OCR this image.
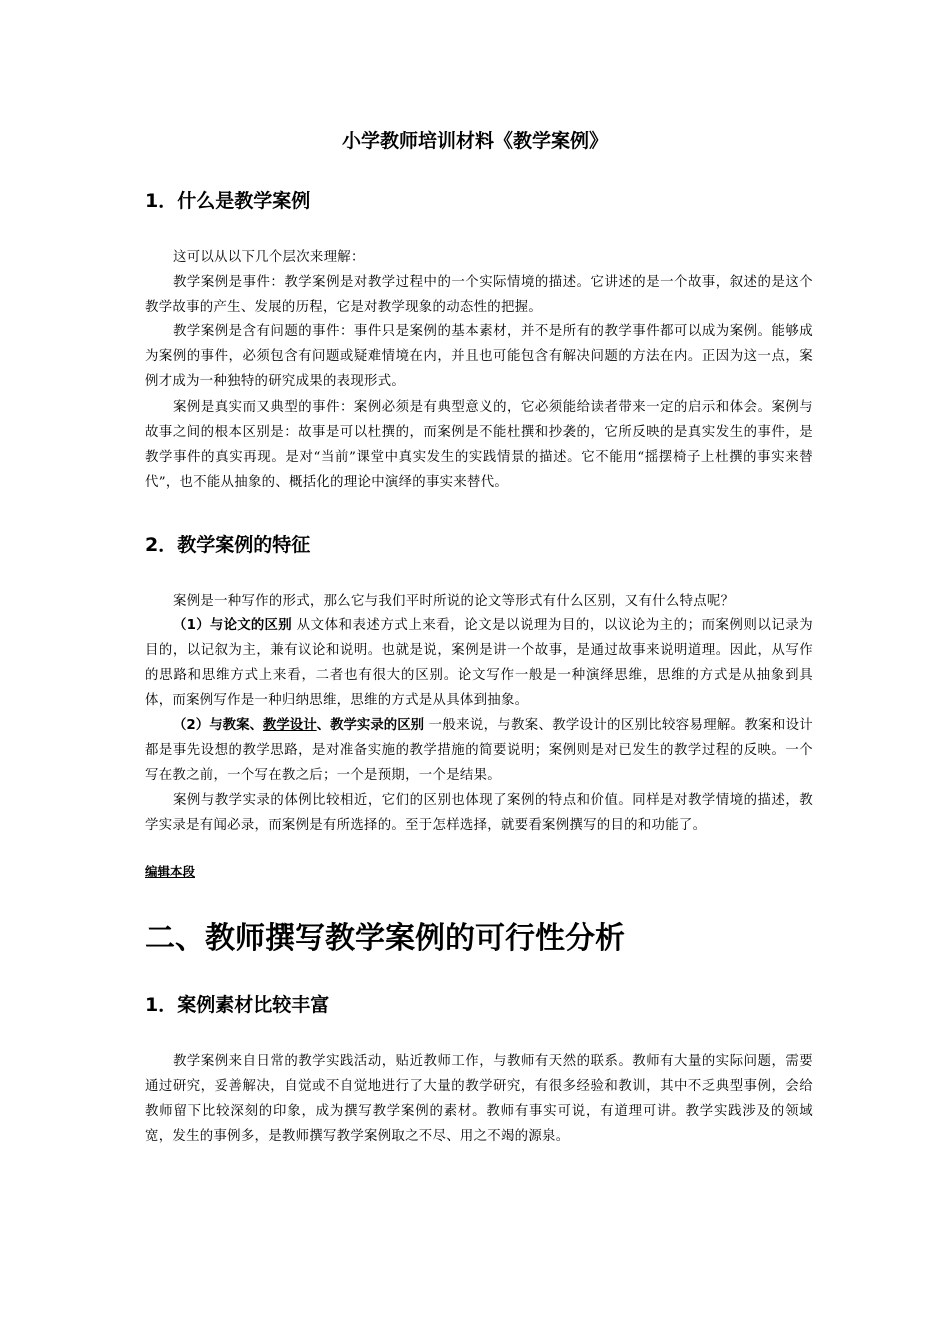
小学教师培训材料《教学案例》
1．什么是教学案例

这可以从以下几个层次来理解：

教学案例是事件：教学案例是对教学过程中的一个实际情境的描述。它讲述的是一个故事，叙述的是这个教学故事的产生、发展的历程，它是对教学现象的动态性的把握。

教学案例是含有问题的事件：事件只是案例的基本素材，并不是所有的教学事件都可以成为案例。能够成为案例的事件，必须包含有问题或疑难情境在内，并且也可能包含有解决问题的方法在内。正因为这一点，案例才成为一种独特的研究成果的表现形式。

案例是真实而又典型的事件：案例必须是有典型意义的，它必须能给读者带来一定的启示和体会。案例与故事之间的根本区别是：故事是可以杜撰的，而案例是不能杜撰和抄袭的，它所反映的是真实发生的事件，是教学事件的真实再现。是对“当前”课堂中真实发生的实践情景的描述。它不能用“摇摆椅子上杜撰的事实来替代”，也不能从抽象的、概括化的理论中演绎的事实来替代。

2．教学案例的特征

案例是一种写作的形式，那么它与我们平时所说的论文等形式有什么区别，又有什么特点呢？

（1）与论文的区别 从文体和表述方式上来看，论文是以说理为目的，以议论为主的；而案例则以记录为目的，以记叙为主，兼有议论和说明。也就是说，案例是讲一个故事，是通过故事来说明道理。因此，从写作的思路和思维方式上来看，二者也有很大的区别。论文写作一般是一种演绎思维，思维的方式是从抽象到具体，而案例写作是一种归纳思维，思维的方式是从具体到抽象。

（2）与教案、教学设计、教学实录的区别 一般来说，与教案、教学设计的区别比较容易理解。教案和设计都是事先设想的教学思路，是对准备实施的教学措施的简要说明；案例则是对已发生的教学过程的反映。一个写在教之前，一个写在教之后；一个是预期，一个是结果。

案例与教学实录的体例比较相近，它们的区别也体现了案例的特点和价值。同样是对教学情境的描述，教学实录是有闻必录，而案例是有所选择的。至于怎样选择，就要看案例撰写的目的和功能了。

编辑本段
二、教师撰写教学案例的可行性分析
1．案例素材比较丰富

教学案例来自日常的教学实践活动，贴近教师工作，与教师有天然的联系。教师有大量的实际问题，需要通过研究，妥善解决，自觉或不自觉地进行了大量的教学研究，有很多经验和教训，其中不乏典型事例，会给教师留下比较深刻的印象，成为撰写教学案例的素材。教师有事实可说，有道理可讲。教学实践涉及的领域宽，发生的事例多，是教师撰写教学案例取之不尽、用之不竭的源泉。
